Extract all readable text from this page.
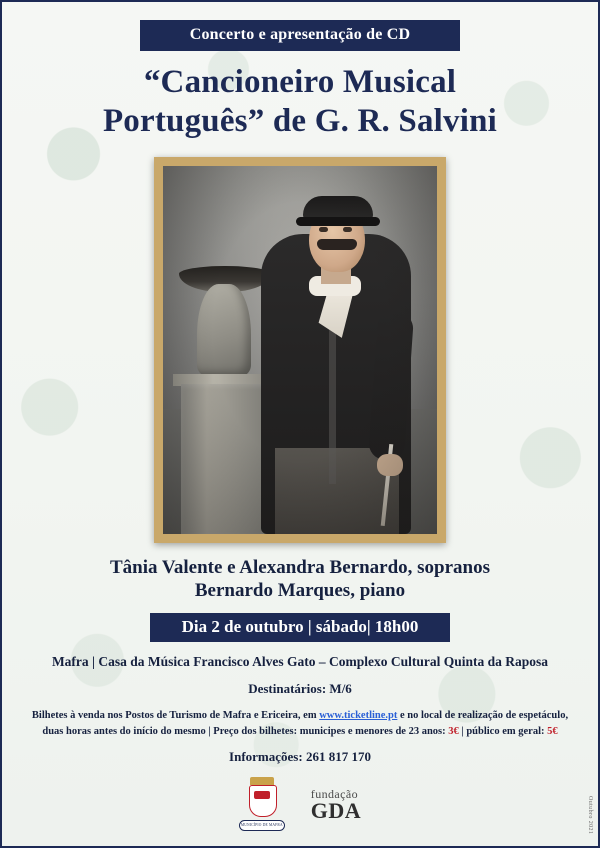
Concerto e apresentação de CD
“Cancioneiro Musical
Português” de G. R. Salvini
Tânia Valente e Alexandra Bernardo, sopranos
Bernardo Marques, piano
Dia 2 de outubro | sábado| 18h00
Mafra | Casa da Música Francisco Alves Gato – Complexo Cultural Quinta da Raposa
Destinatários: M/6
Bilhetes à venda nos Postos de Turismo de Mafra e Ericeira, em www.ticketline.pt e no local de realização de espetáculo, duas horas antes do início do mesmo | Preço dos bilhetes: municipes e menores de 23 anos: 3€ | público em geral: 5€
Informações: 261 817 170
MUNICÍPIO DE MAFRA
fundação
GDA	Outubro 2021
